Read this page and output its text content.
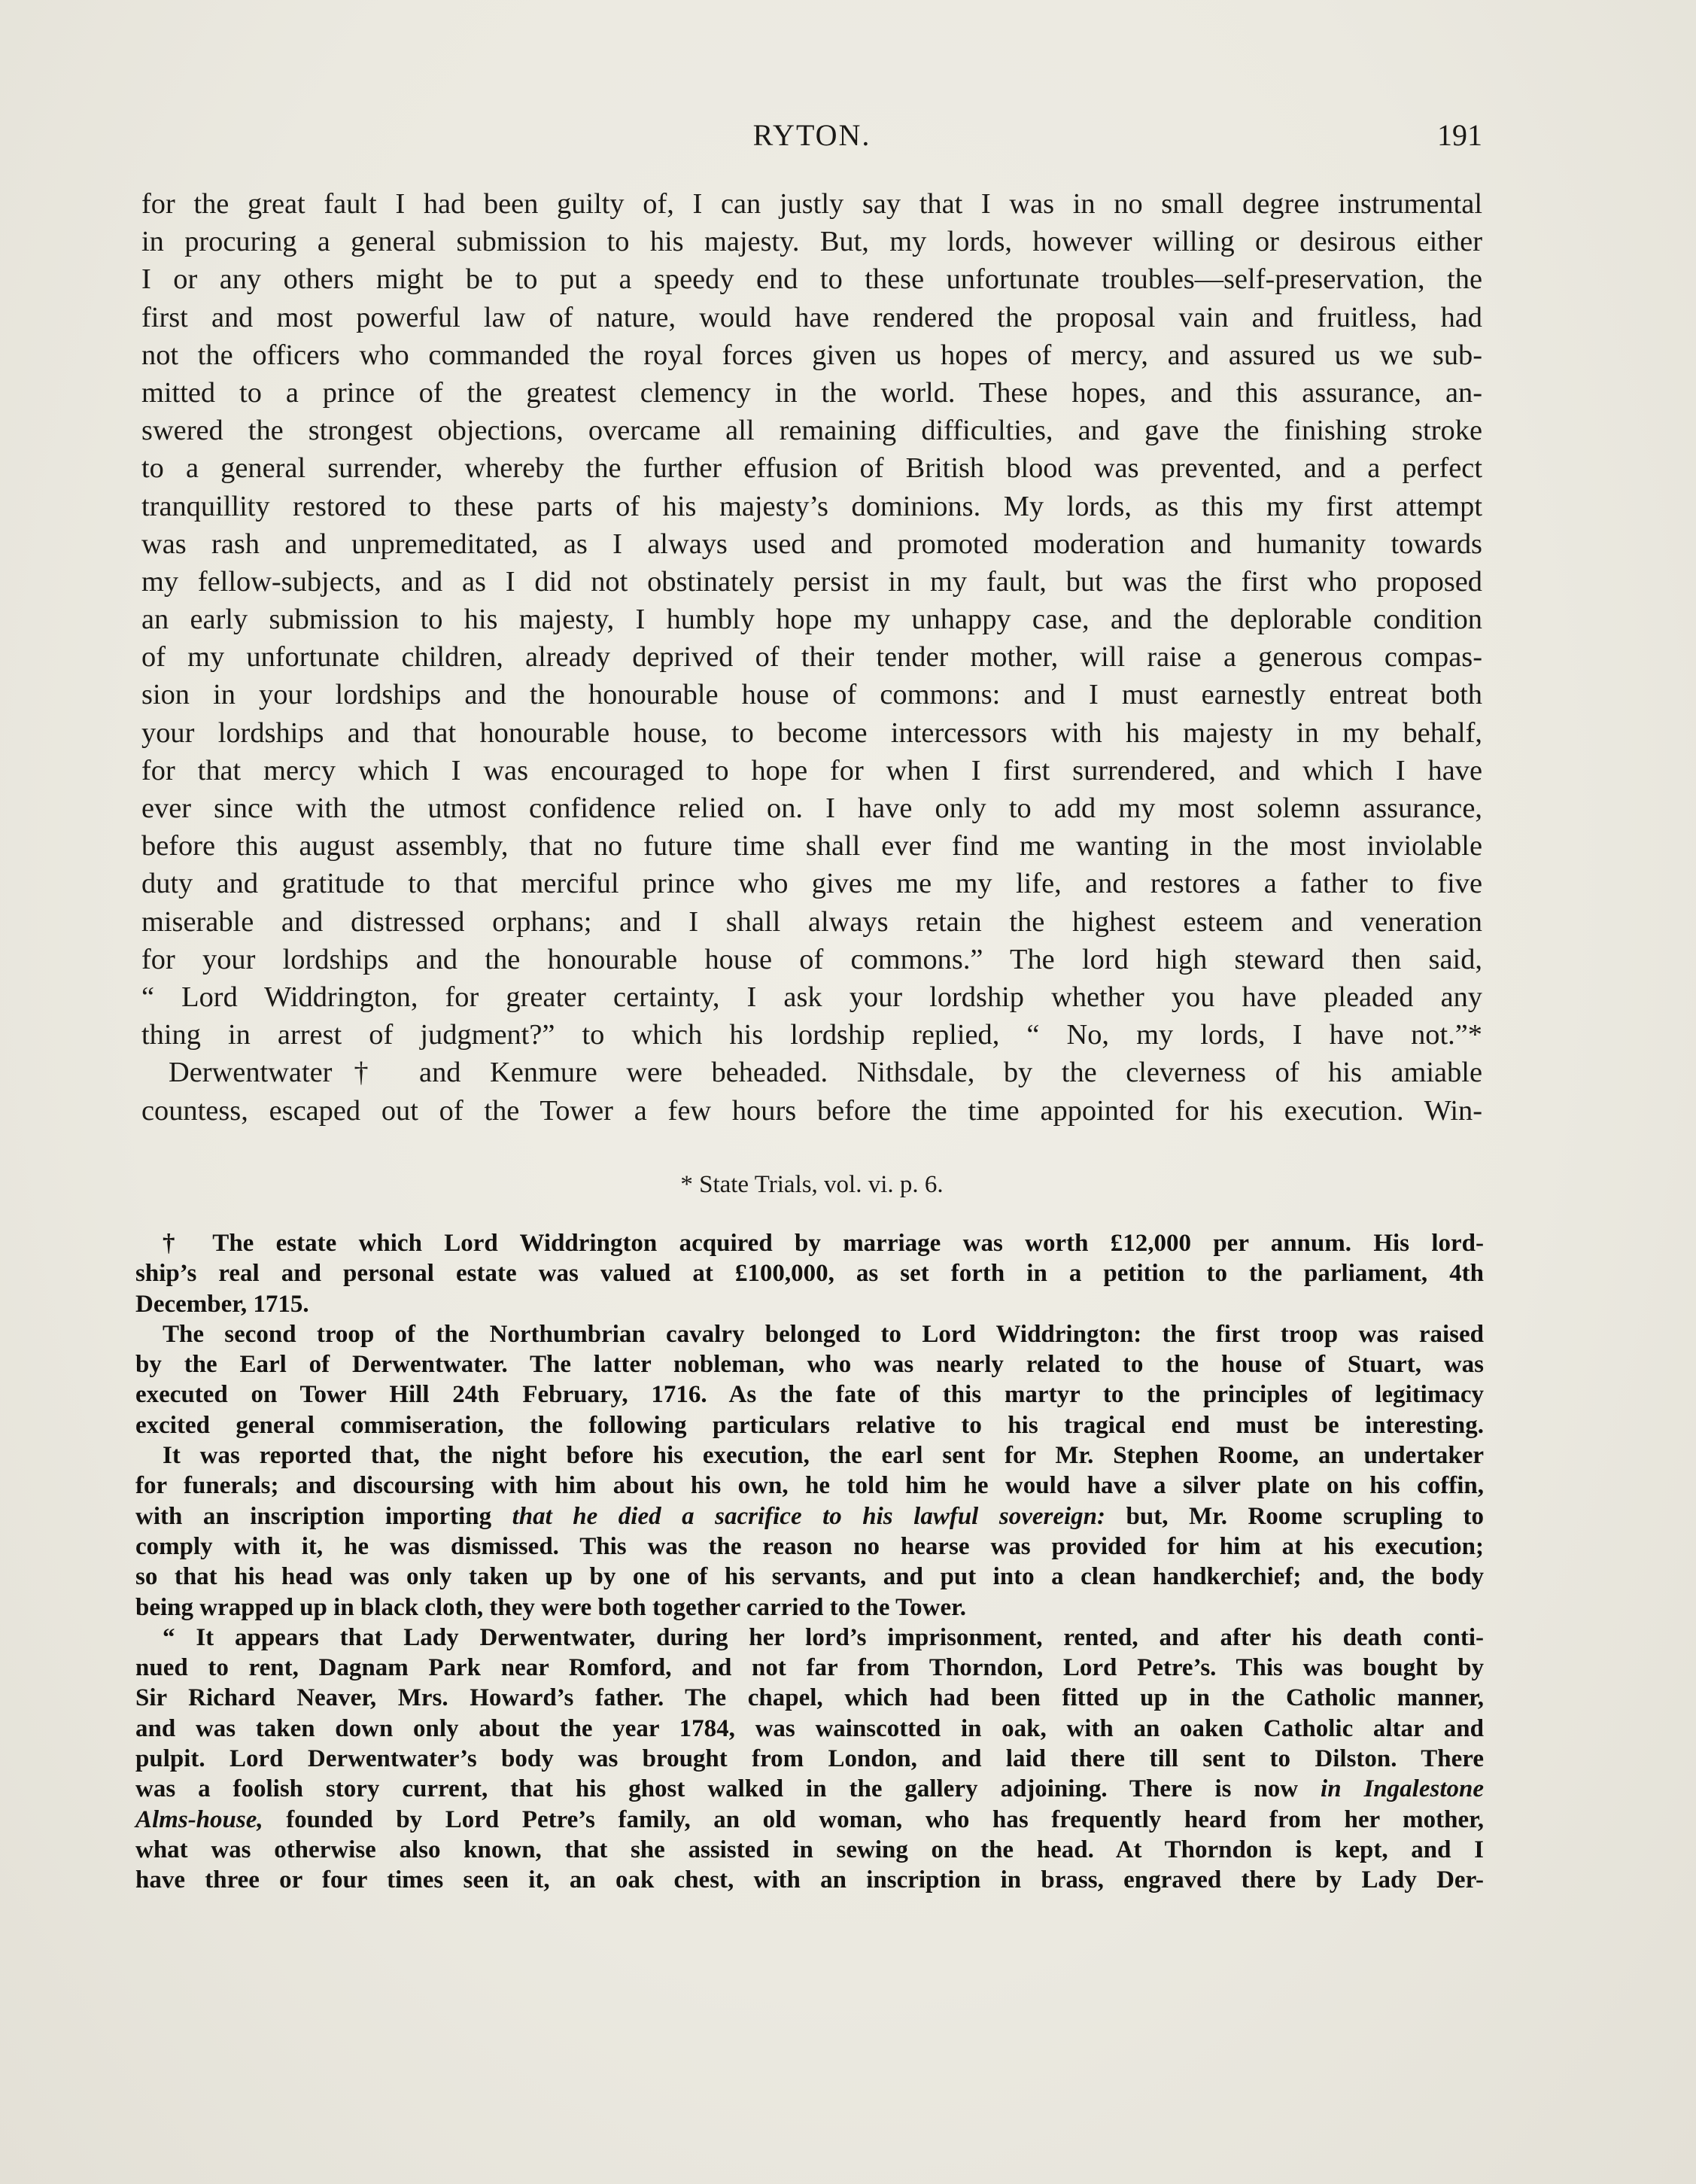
RYTON.	191
for the great fault I had been guilty of, I can justly say that I was in no small degree instrumental
in procuring a general submission to his majesty. But, my lords, however willing or desirous either
I or any others might be to put a speedy end to these unfortunate troubles—self-preservation, the
first and most powerful law of nature, would have rendered the proposal vain and fruitless, had
not the officers who commanded the royal forces given us hopes of mercy, and assured us we sub-
mitted to a prince of the greatest clemency in the world. These hopes, and this assurance, an-
swered the strongest objections, overcame all remaining difficulties, and gave the finishing stroke
to a general surrender, whereby the further effusion of British blood was prevented, and a perfect
tranquillity restored to these parts of his majesty’s dominions. My lords, as this my first attempt
was rash and unpremeditated, as I always used and promoted moderation and humanity towards
my fellow-subjects, and as I did not obstinately persist in my fault, but was the first who proposed
an early submission to his majesty, I humbly hope my unhappy case, and the deplorable condition
of my unfortunate children, already deprived of their tender mother, will raise a generous compas-
sion in your lordships and the honourable house of commons: and I must earnestly entreat both
your lordships and that honourable house, to become intercessors with his majesty in my behalf,
for that mercy which I was encouraged to hope for when I first surrendered, and which I have
ever since with the utmost confidence relied on. I have only to add my most solemn assurance,
before this august assembly, that no future time shall ever find me wanting in the most inviolable
duty and gratitude to that merciful prince who gives me my life, and restores a father to five
miserable and distressed orphans; and I shall always retain the highest esteem and veneration
for your lordships and the honourable house of commons.” The lord high steward then said,
“ Lord Widdrington, for greater certainty, I ask your lordship whether you have pleaded any
thing in arrest of judgment?” to which his lordship replied, “ No, my lords, I have not.”*
Derwentwater† and Kenmure were beheaded. Nithsdale, by the cleverness of his amiable
countess, escaped out of the Tower a few hours before the time appointed for his execution. Win-
* State Trials, vol. vi. p. 6.
† The estate which Lord Widdrington acquired by marriage was worth £12,000 per annum. His lord-
ship’s real and personal estate was valued at £100,000, as set forth in a petition to the parliament, 4th
December, 1715.
The second troop of the Northumbrian cavalry belonged to Lord Widdrington: the first troop was raised
by the Earl of Derwentwater. The latter nobleman, who was nearly related to the house of Stuart, was
executed on Tower Hill 24th February, 1716. As the fate of this martyr to the principles of legitimacy
excited general commiseration, the following particulars relative to his tragical end must be interesting.
It was reported that, the night before his execution, the earl sent for Mr. Stephen Roome, an undertaker
for funerals; and discoursing with him about his own, he told him he would have a silver plate on his coffin,
with an inscription importing that he died a sacrifice to his lawful sovereign: but, Mr. Roome scrupling to
comply with it, he was dismissed. This was the reason no hearse was provided for him at his execution;
so that his head was only taken up by one of his servants, and put into a clean handkerchief; and, the body
being wrapped up in black cloth, they were both together carried to the Tower.
“ It appears that Lady Derwentwater, during her lord’s imprisonment, rented, and after his death conti-
nued to rent, Dagnam Park near Romford, and not far from Thorndon, Lord Petre’s. This was bought by
Sir Richard Neaver, Mrs. Howard’s father. The chapel, which had been fitted up in the Catholic manner,
and was taken down only about the year 1784, was wainscotted in oak, with an oaken Catholic altar and
pulpit. Lord Derwentwater’s body was brought from London, and laid there till sent to Dilston. There
was a foolish story current, that his ghost walked in the gallery adjoining. There is now in Ingalestone
Alms-house, founded by Lord Petre’s family, an old woman, who has frequently heard from her mother,
what was otherwise also known, that she assisted in sewing on the head. At Thorndon is kept, and I
have three or four times seen it, an oak chest, with an inscription in brass, engraved there by Lady Der-
